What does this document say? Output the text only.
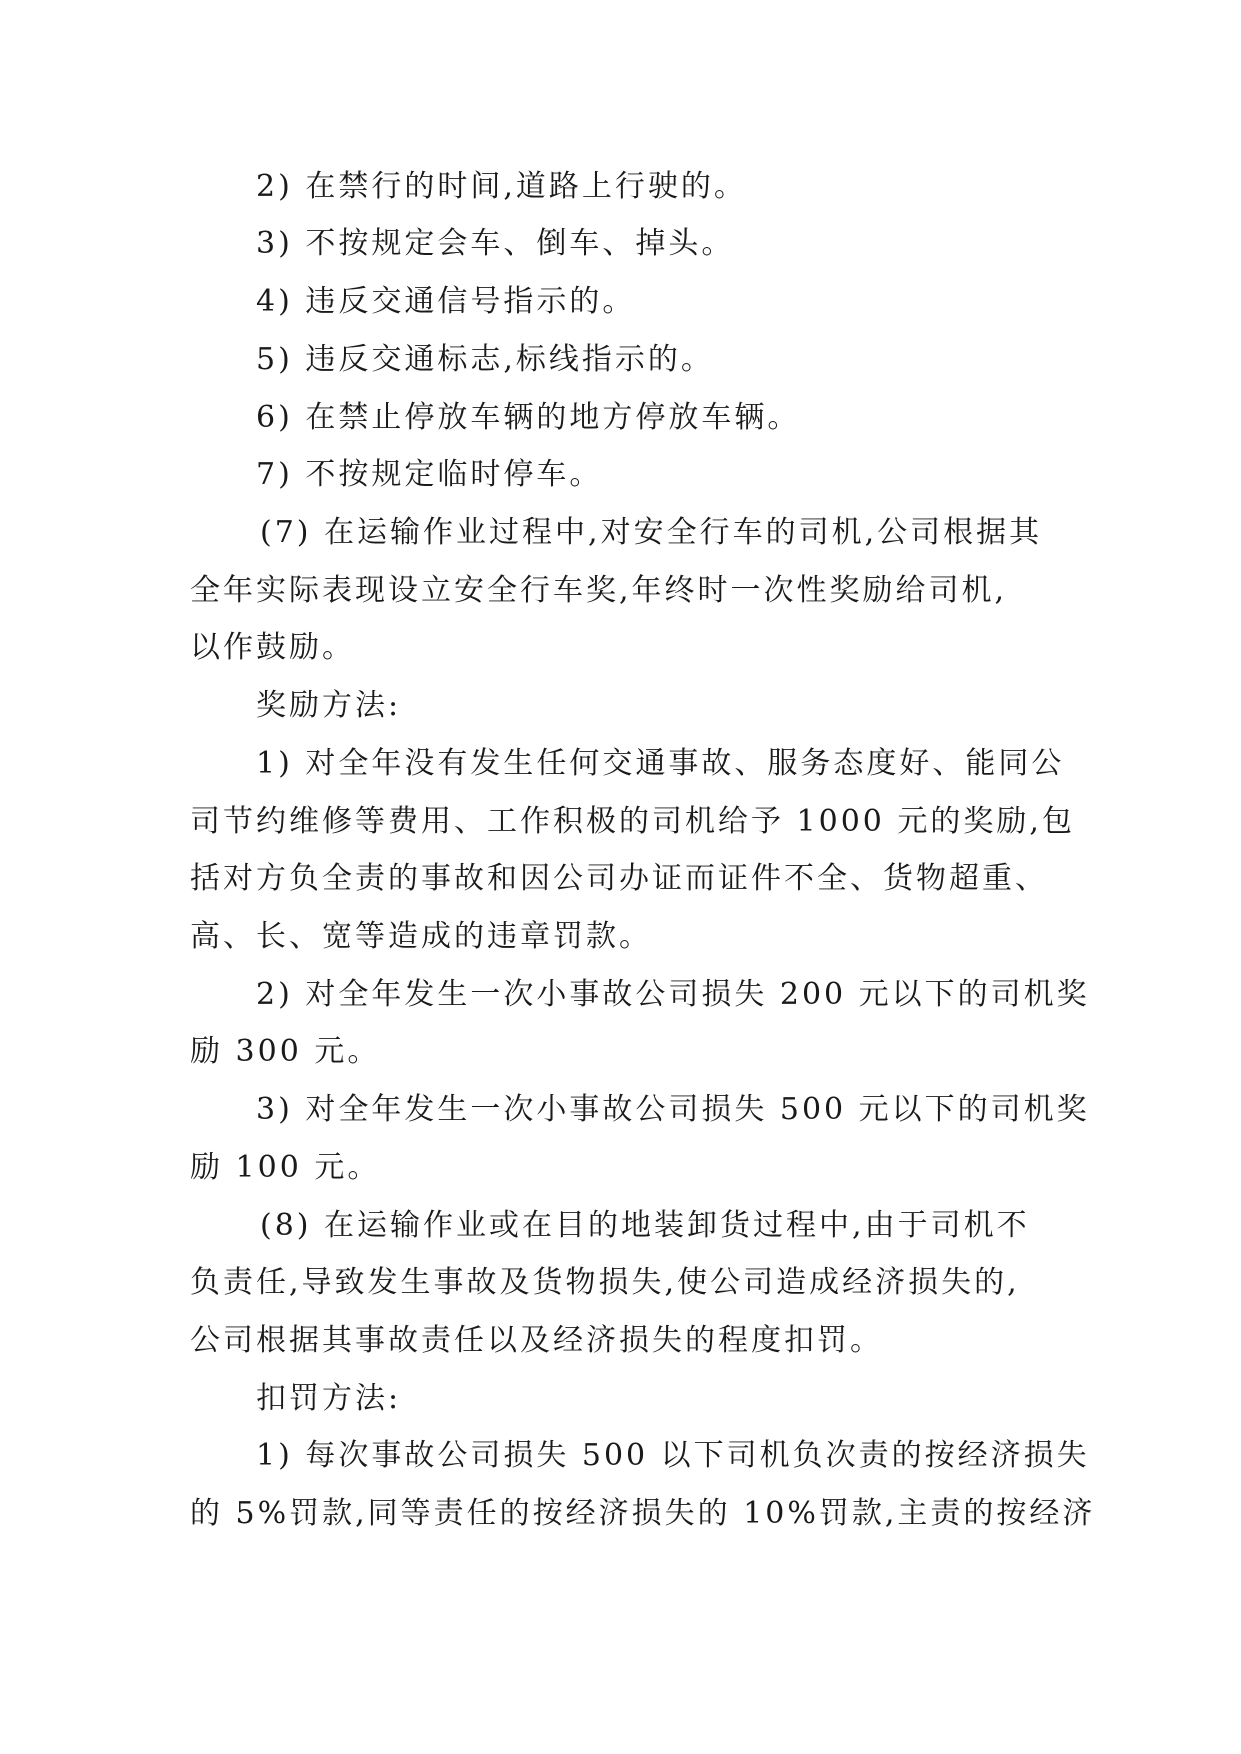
2) 在禁行的时间,道路上行驶的。
3) 不按规定会车、倒车、掉头。
4) 违反交通信号指示的。
5) 违反交通标志,标线指示的。
6) 在禁止停放车辆的地方停放车辆。
7) 不按规定临时停车。
(7) 在运输作业过程中,对安全行车的司机,公司根据其
全年实际表现设立安全行车奖,年终时一次性奖励给司机,
以作鼓励。
奖励方法:
1) 对全年没有发生任何交通事故、服务态度好、能同公
司节约维修等费用、工作积极的司机给予 1000 元的奖励,包
括对方负全责的事故和因公司办证而证件不全、货物超重、
高、长、宽等造成的违章罚款。
2) 对全年发生一次小事故公司损失 200 元以下的司机奖
励 300 元。
3) 对全年发生一次小事故公司损失 500 元以下的司机奖
励 100 元。
(8) 在运输作业或在目的地装卸货过程中,由于司机不
负责任,导致发生事故及货物损失,使公司造成经济损失的,
公司根据其事故责任以及经济损失的程度扣罚。
扣罚方法:
1) 每次事故公司损失 500 以下司机负次责的按经济损失
的 5%罚款,同等责任的按经济损失的 10%罚款,主责的按经济
